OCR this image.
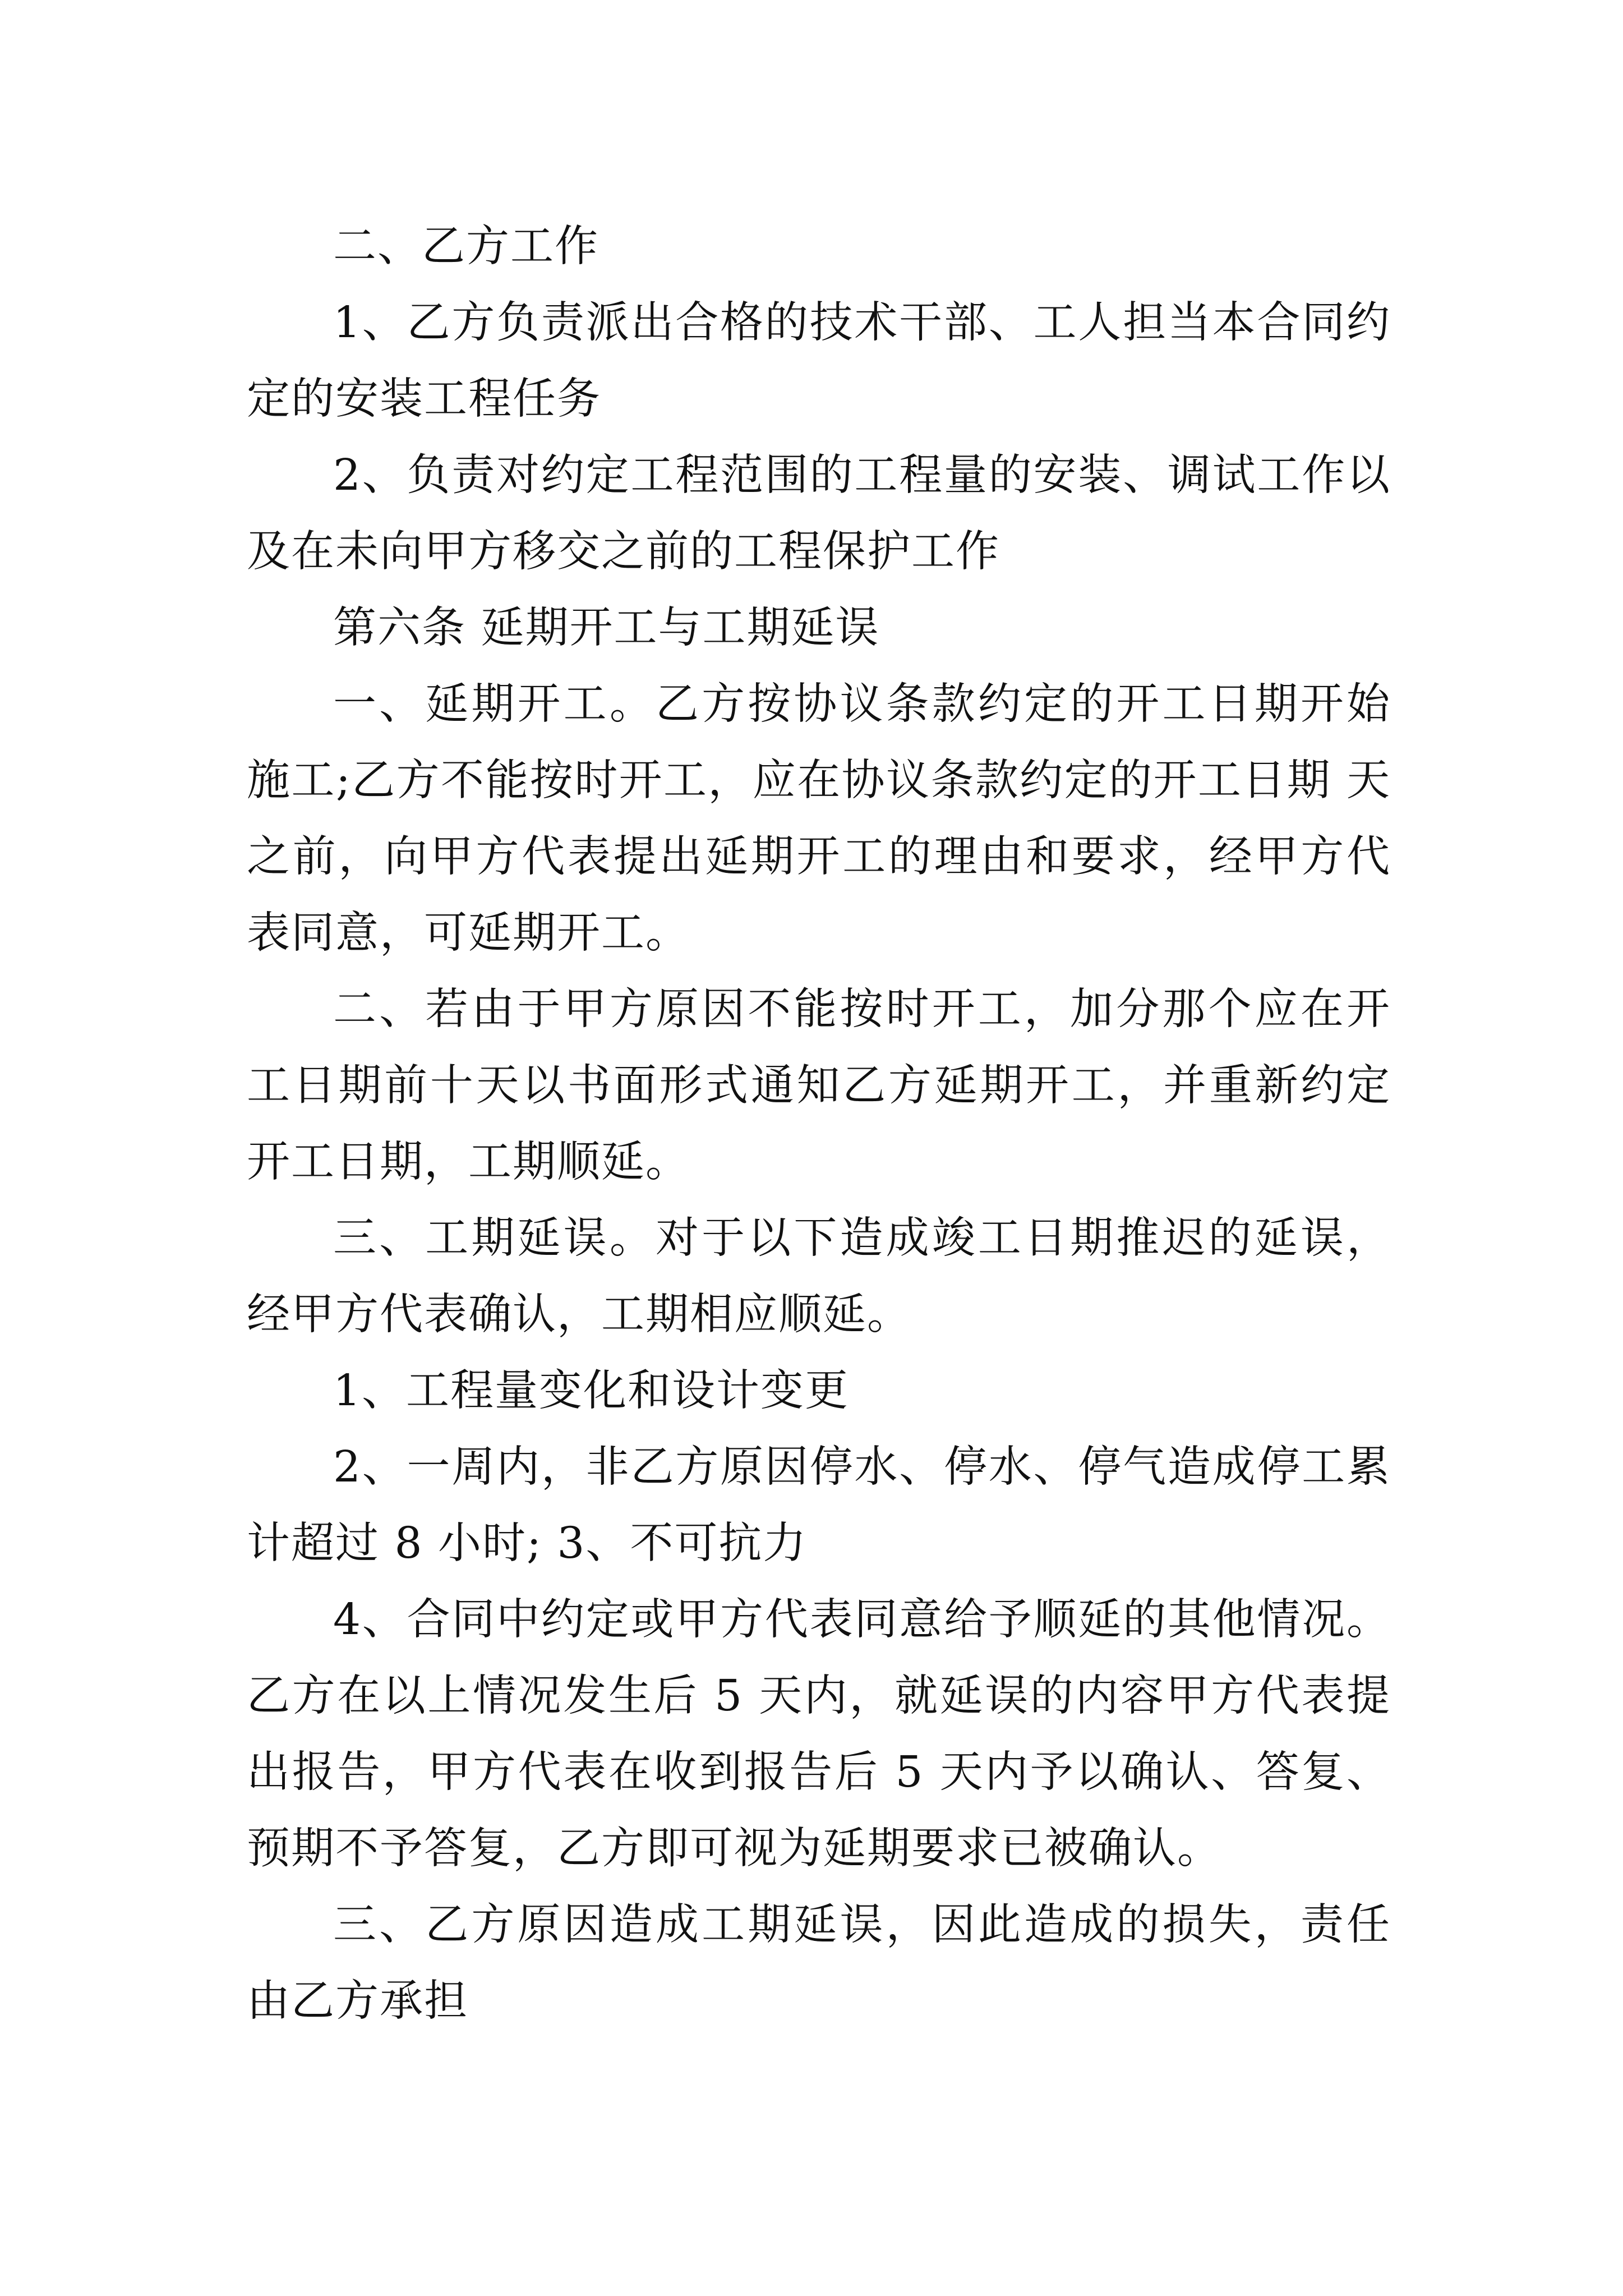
二、乙方工作

1、乙方负责派出合格的技术干部、工人担当本合同约定的安装工程任务

2、负责对约定工程范围的工程量的安装、调试工作以及在未向甲方移交之前的工程保护工作

第六条 延期开工与工期延误

一、延期开工。乙方按协议条款约定的开工日期开始施工;乙方不能按时开工，应在协议条款约定的开工日期 天之前，向甲方代表提出延期开工的理由和要求，经甲方代表同意，可延期开工。

二、若由于甲方原因不能按时开工，加分那个应在开工日期前十天以书面形式通知乙方延期开工，并重新约定开工日期，工期顺延。

三、工期延误。对于以下造成竣工日期推迟的延误，经甲方代表确认，工期相应顺延。

1、工程量变化和设计变更

2、一周内，非乙方原因停水、停水、停气造成停工累计超过 8 小时; 3、不可抗力

4、合同中约定或甲方代表同意给予顺延的其他情况。乙方在以上情况发生后 5 天内，就延误的内容甲方代表提出报告，甲方代表在收到报告后 5 天内予以确认、答复、预期不予答复，乙方即可视为延期要求已被确认。

三、乙方原因造成工期延误，因此造成的损失，责任由乙方承担
